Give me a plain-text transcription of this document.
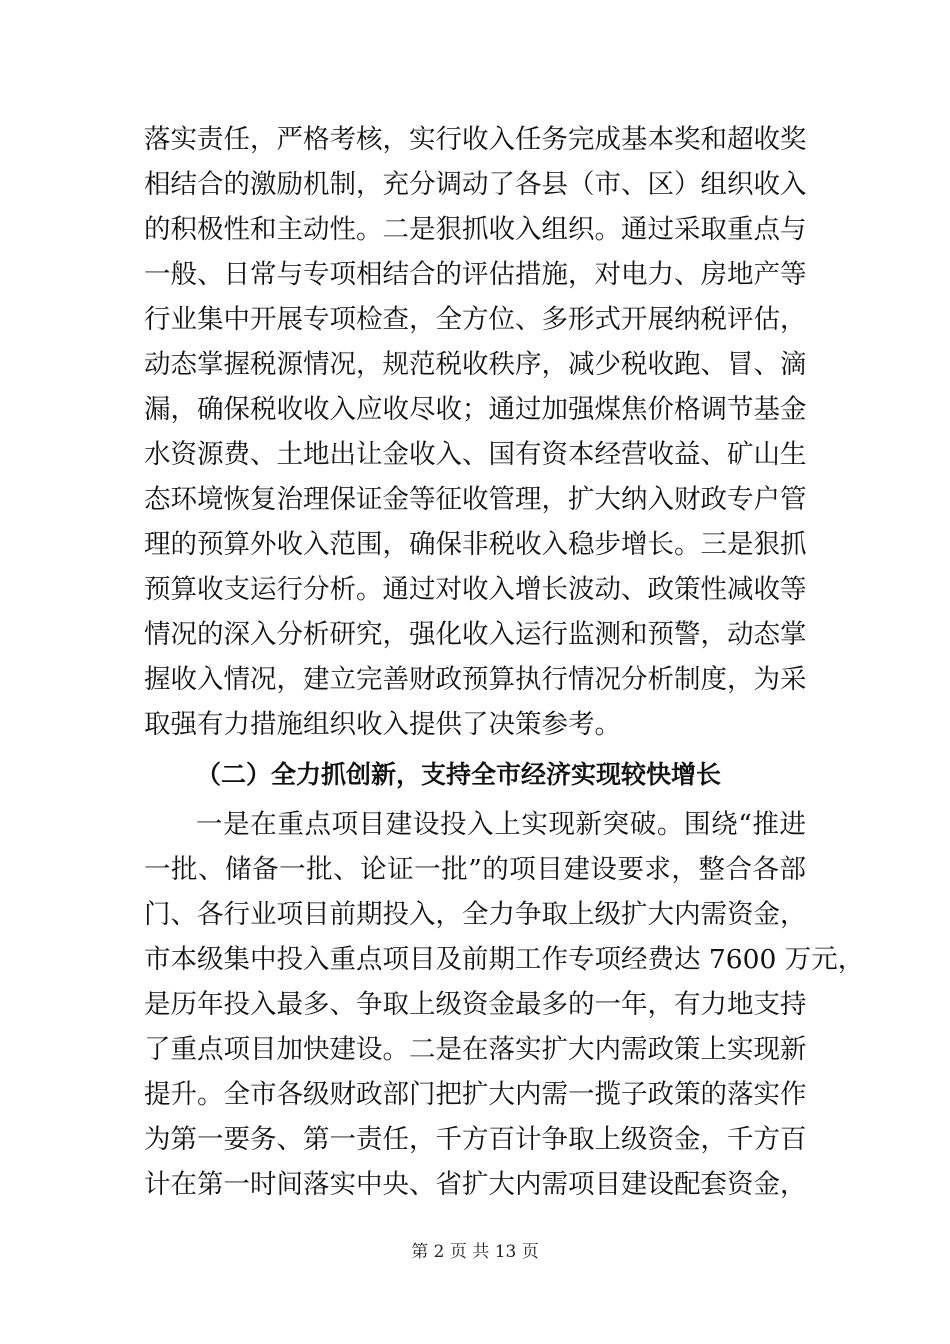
落实责任，严格考核，实行收入任务完成基本奖和超收奖
相结合的激励机制，充分调动了各县（市、区）组织收入
的积极性和主动性。二是狠抓收入组织。通过采取重点与
一般、日常与专项相结合的评估措施，对电力、房地产等
行业集中开展专项检查，全方位、多形式开展纳税评估，
动态掌握税源情况，规范税收秩序，减少税收跑、冒、滴
漏，确保税收收入应收尽收；通过加强煤焦价格调节基金
水资源费、土地出让金收入、国有资本经营收益、矿山生
态环境恢复治理保证金等征收管理，扩大纳入财政专户管
理的预算外收入范围，确保非税收入稳步增长。三是狠抓
预算收支运行分析。通过对收入增长波动、政策性减收等
情况的深入分析研究，强化收入运行监测和预警，动态掌
握收入情况，建立完善财政预算执行情况分析制度，为采
取强有力措施组织收入提供了决策参考。
（二）全力抓创新，支持全市经济实现较快增长
一是在重点项目建设投入上实现新突破。围绕“推进
一批、储备一批、论证一批”的项目建设要求，整合各部
门、各行业项目前期投入，全力争取上级扩大内需资金，
市本级集中投入重点项目及前期工作专项经费达 7600 万元，
是历年投入最多、争取上级资金最多的一年，有力地支持
了重点项目加快建设。二是在落实扩大内需政策上实现新
提升。全市各级财政部门把扩大内需一揽子政策的落实作
为第一要务、第一责任，千方百计争取上级资金，千方百
计在第一时间落实中央、省扩大内需项目建设配套资金，
第 2 页 共 13 页
